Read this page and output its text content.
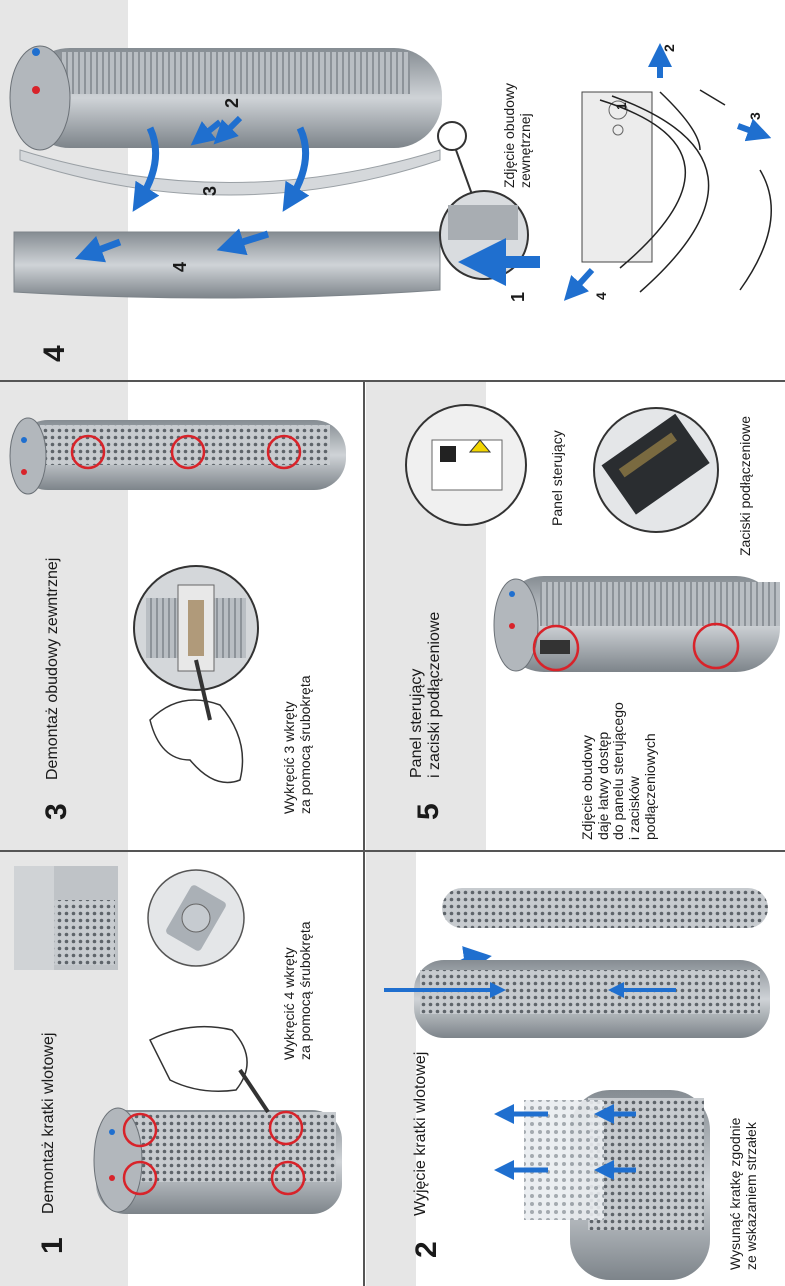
4
Zdjęcie obudowy zewnętrznej
1
2
3
4
1
2
3
4
3
Demontaż obudowy zewntrznej	Wykręcić 3 wkręty za pomocą śrubokręta	5
Panel sterujący i zaciski podłączeniowe
Zdjęcie obudowy daje łatwy dostęp do panelu sterującego i zacisków podłączeniowych
Panel sterujący	Zaciski podłączeniowe
1
Demontaż kratki wlotowej
Wykręcić 4 wkręty za pomocą śrubokręta
2
Wyjęcie kratki wlotowej	Wysunąć kratkę zgodnie ze wskazaniem strzałek
